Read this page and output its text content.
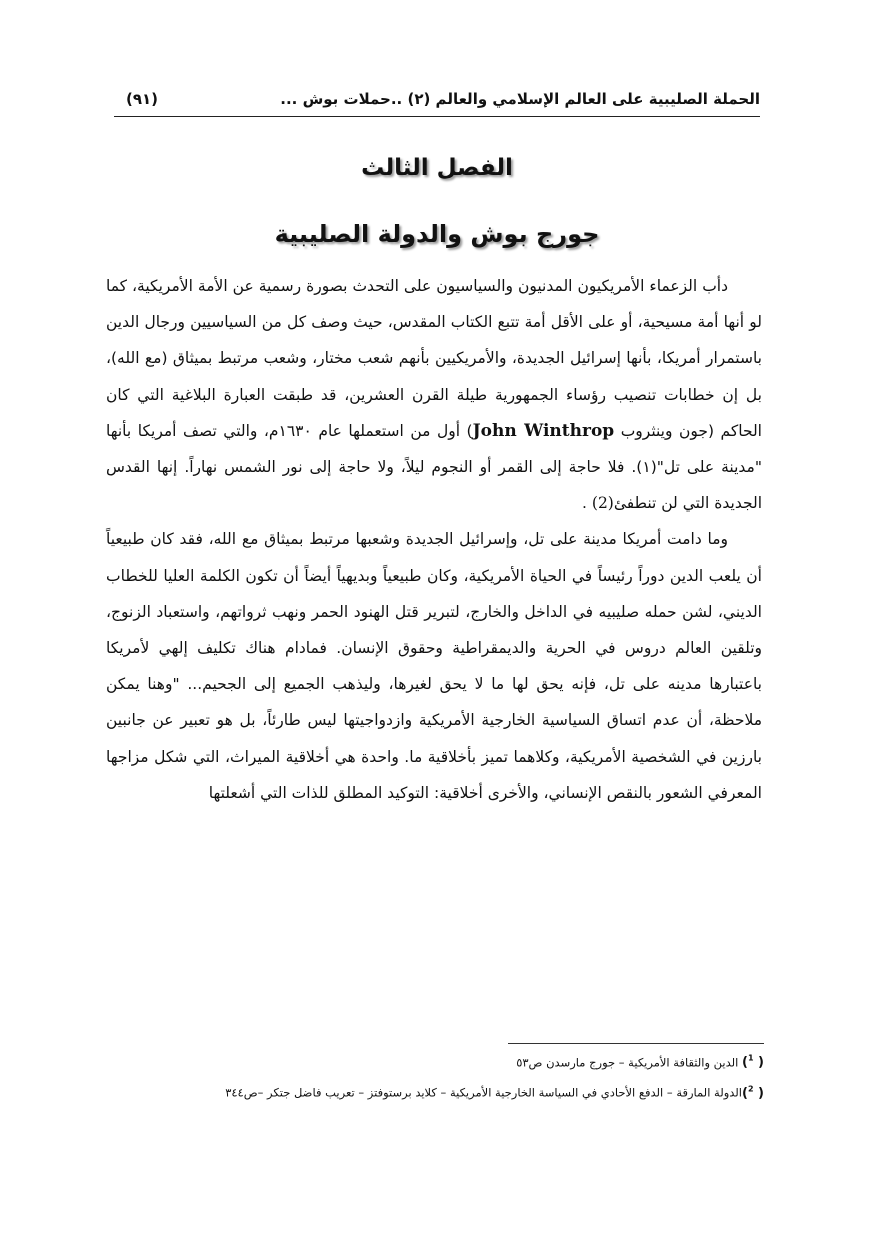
الحملة الصليبية على العالم الإسلامي والعالم (٢) ..حملات بوش ...
(٩١)
الفصل الثالث
جورج بوش والدولة الصليبية

دأب الزعماء الأمريكيون المدنيون والسياسيون على التحدث بصورة رسمية عن الأمة الأمريكية، كما لو أنها أمة مسيحية، أو على الأقل أمة تتبع الكتاب المقدس، حيث وصف كل من السياسيين ورجال الدين باستمرار أمريكا، بأنها إسرائيل الجديدة، والأمريكيين بأنهم شعب مختار، وشعب مرتبط بميثاق (مع الله)، بل إن خطابات تنصيب رؤساء الجمهورية طيلة القرن العشرين، قد طبقت العبارة البلاغية التي كان الحاكم (جون وينثروب John Winthrop) أول من استعملها عام ١٦٣٠م، والتي تصف أمريكا بأنها "مدينة على تل"(١). فلا حاجة إلى القمر أو النجوم ليلاً، ولا حاجة إلى نور الشمس نهاراً. إنها القدس الجديدة التي لن تنطفئ(2) .

وما دامت أمريكا مدينة على تل، وإسرائيل الجديدة وشعبها مرتبط بميثاق مع الله، فقد كان طبيعياً أن يلعب الدين دوراً رئيساً في الحياة الأمريكية، وكان طبيعياً وبديهياً أيضاً أن تكون الكلمة العليا للخطاب الديني، لشن حمله صليبيه في الداخل والخارج، لتبرير قتل الهنود الحمر ونهب ثرواتهم، واستعباد الزنوج، وتلقين العالم دروس في الحرية والديمقراطية وحقوق الإنسان. فمادام هناك تكليف إلهي لأمريكا باعتبارها مدينه على تل، فإنه يحق لها ما لا يحق لغيرها، وليذهب الجميع إلى الجحيم... "وهنا يمكن ملاحظة، أن عدم اتساق السياسية الخارجية الأمريكية وازدواجيتها ليس طارئاً، بل هو تعبير عن جانبين بارزين في الشخصية الأمريكية، وكلاهما تميز بأخلاقية ما. واحدة هي أخلاقية الميراث، التي شكل مزاجها المعرفي الشعور بالنقص الإنساني، والأخرى أخلاقية: التوكيد المطلق للذات التي أشعلتها

( $^1$) الدين والثقافة الأمريكية – جورج مارسدن ص٥٣

( $^2$)الدولة المارقة – الدفع الأحادي في السياسة الخارجية الأمريكية – كلايد برستوفتز – تعريب فاضل جتكر –ص٣٤٤
